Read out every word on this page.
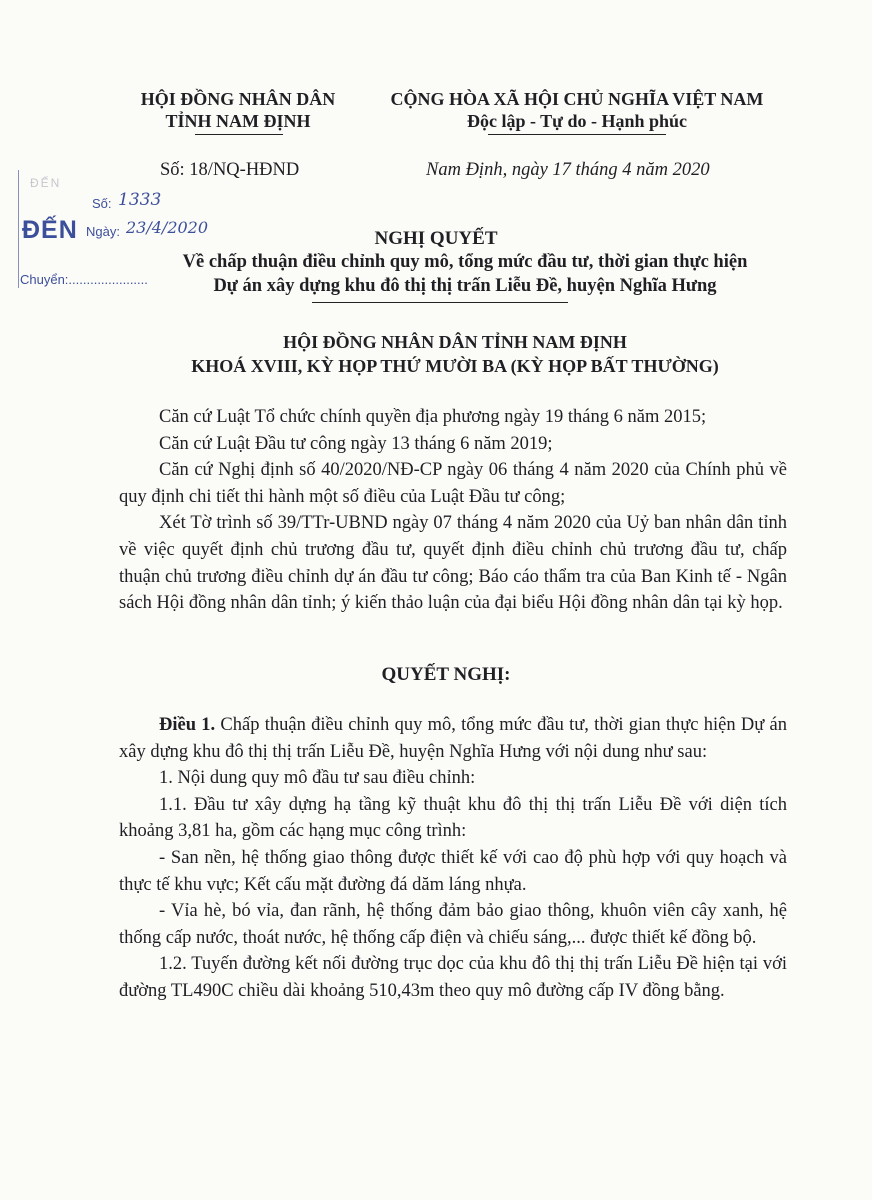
HỘI ĐỒNG NHÂN DÂN
TỈNH NAM ĐỊNH
CỘNG HÒA XÃ HỘI CHỦ NGHĨA VIỆT NAM
Độc lập - Tự do - Hạnh phúc
Số: 18/NQ-HĐND	Nam Định, ngày 17 tháng 4 năm 2020
ĐẾN
Số: 1333
ĐẾN Ngày: 23/4/2020
Chuyển:......................
NGHỊ QUYẾT
Về chấp thuận điều chỉnh quy mô, tổng mức đầu tư, thời gian thực hiện
Dự án xây dựng khu đô thị thị trấn Liễu Đề, huyện Nghĩa Hưng
HỘI ĐỒNG NHÂN DÂN TỈNH NAM ĐỊNH
KHOÁ XVIII, KỲ HỌP THỨ MƯỜI BA (KỲ HỌP BẤT THƯỜNG)

Căn cứ Luật Tổ chức chính quyền địa phương ngày 19 tháng 6 năm 2015;

Căn cứ Luật Đầu tư công ngày 13 tháng 6 năm 2019;

Căn cứ Nghị định số 40/2020/NĐ-CP ngày 06 tháng 4 năm 2020 của Chính phủ về quy định chi tiết thi hành một số điều của Luật Đầu tư công;

Xét Tờ trình số 39/TTr-UBND ngày 07 tháng 4 năm 2020 của Uỷ ban nhân dân tỉnh về việc quyết định chủ trương đầu tư, quyết định điều chỉnh chủ trương đầu tư, chấp thuận chủ trương điều chỉnh dự án đầu tư công; Báo cáo thẩm tra của Ban Kinh tế - Ngân sách Hội đồng nhân dân tỉnh; ý kiến thảo luận của đại biểu Hội đồng nhân dân tại kỳ họp.

QUYẾT NGHỊ:

Điều 1. Chấp thuận điều chỉnh quy mô, tổng mức đầu tư, thời gian thực hiện Dự án xây dựng khu đô thị thị trấn Liễu Đề, huyện Nghĩa Hưng với nội dung như sau:

1. Nội dung quy mô đầu tư sau điều chỉnh:

1.1. Đầu tư xây dựng hạ tầng kỹ thuật khu đô thị thị trấn Liễu Đề với diện tích khoảng 3,81 ha, gồm các hạng mục công trình:

- San nền, hệ thống giao thông được thiết kế với cao độ phù hợp với quy hoạch và thực tế khu vực; Kết cấu mặt đường đá dăm láng nhựa.

- Vỉa hè, bó vỉa, đan rãnh, hệ thống đảm bảo giao thông, khuôn viên cây xanh, hệ thống cấp nước, thoát nước, hệ thống cấp điện và chiếu sáng,... được thiết kế đồng bộ.

1.2. Tuyến đường kết nối đường trục dọc của khu đô thị thị trấn Liễu Đề hiện tại với đường TL490C chiều dài khoảng 510,43m theo quy mô đường cấp IV đồng bằng.
